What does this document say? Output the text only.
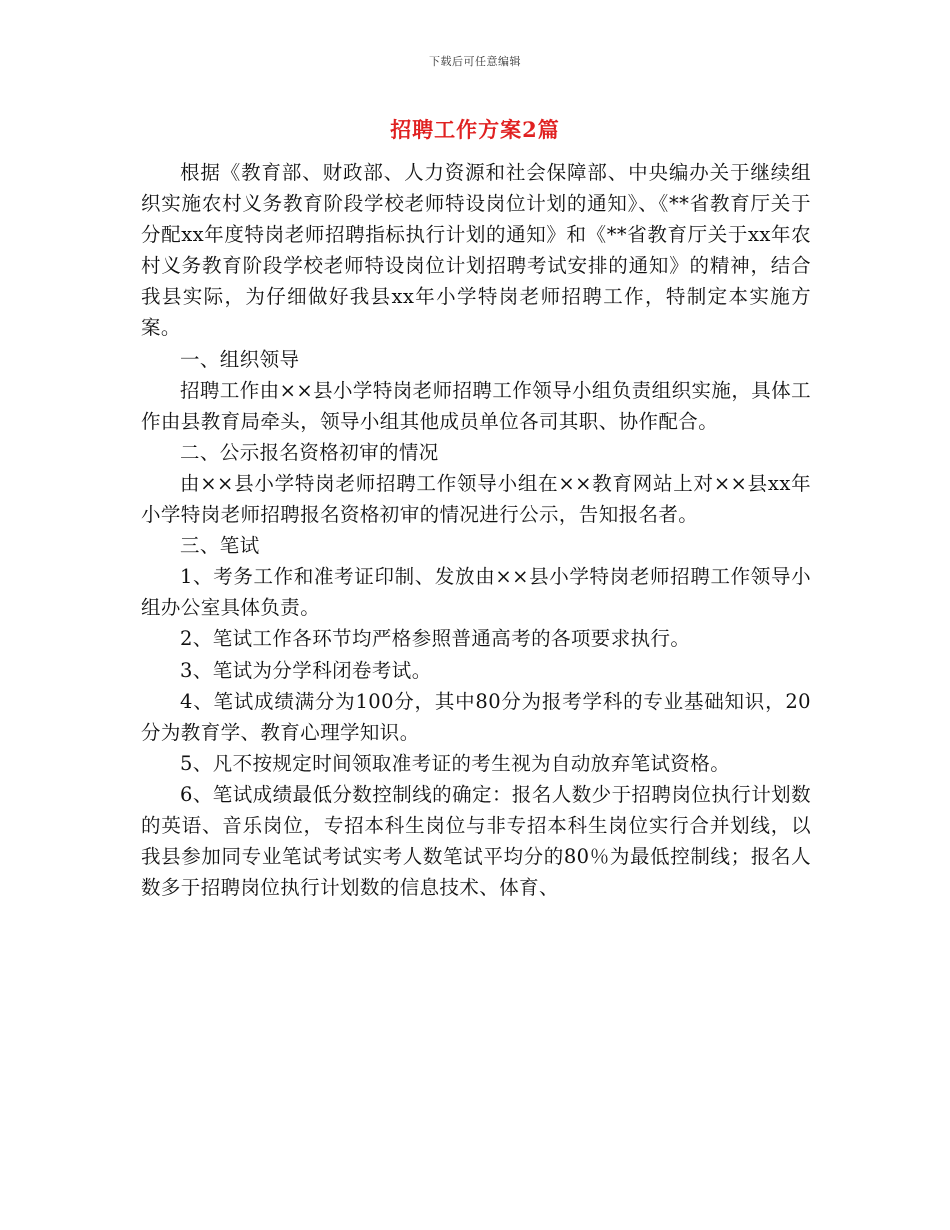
下载后可任意编辑
招聘工作方案2篇

根据《教育部、财政部、人力资源和社会保障部、中央编办关于继续组织实施农村义务教育阶段学校老师特设岗位计划的通知》、《**省教育厅关于分配xx年度特岗老师招聘指标执行计划的通知》和《**省教育厅关于xx年农村义务教育阶段学校老师特设岗位计划招聘考试安排的通知》的精神，结合我县实际，为仔细做好我县xx年小学特岗老师招聘工作，特制定本实施方案。

一、组织领导

招聘工作由××县小学特岗老师招聘工作领导小组负责组织实施，具体工作由县教育局牵头，领导小组其他成员单位各司其职、协作配合。

二、公示报名资格初审的情况

由××县小学特岗老师招聘工作领导小组在××教育网站上对××县xx年小学特岗老师招聘报名资格初审的情况进行公示，告知报名者。

三、笔试

1、考务工作和准考证印制、发放由××县小学特岗老师招聘工作领导小组办公室具体负责。

2、笔试工作各环节均严格参照普通高考的各项要求执行。

3、笔试为分学科闭卷考试。

4、笔试成绩满分为100分，其中80分为报考学科的专业基础知识，20分为教育学、教育心理学知识。

5、凡不按规定时间领取准考证的考生视为自动放弃笔试资格。

6、笔试成绩最低分数控制线的确定：报名人数少于招聘岗位执行计划数的英语、音乐岗位，专招本科生岗位与非专招本科生岗位实行合并划线，以我县参加同专业笔试考试实考人数笔试平均分的80％为最低控制线；报名人数多于招聘岗位执行计划数的信息技术、体育、
